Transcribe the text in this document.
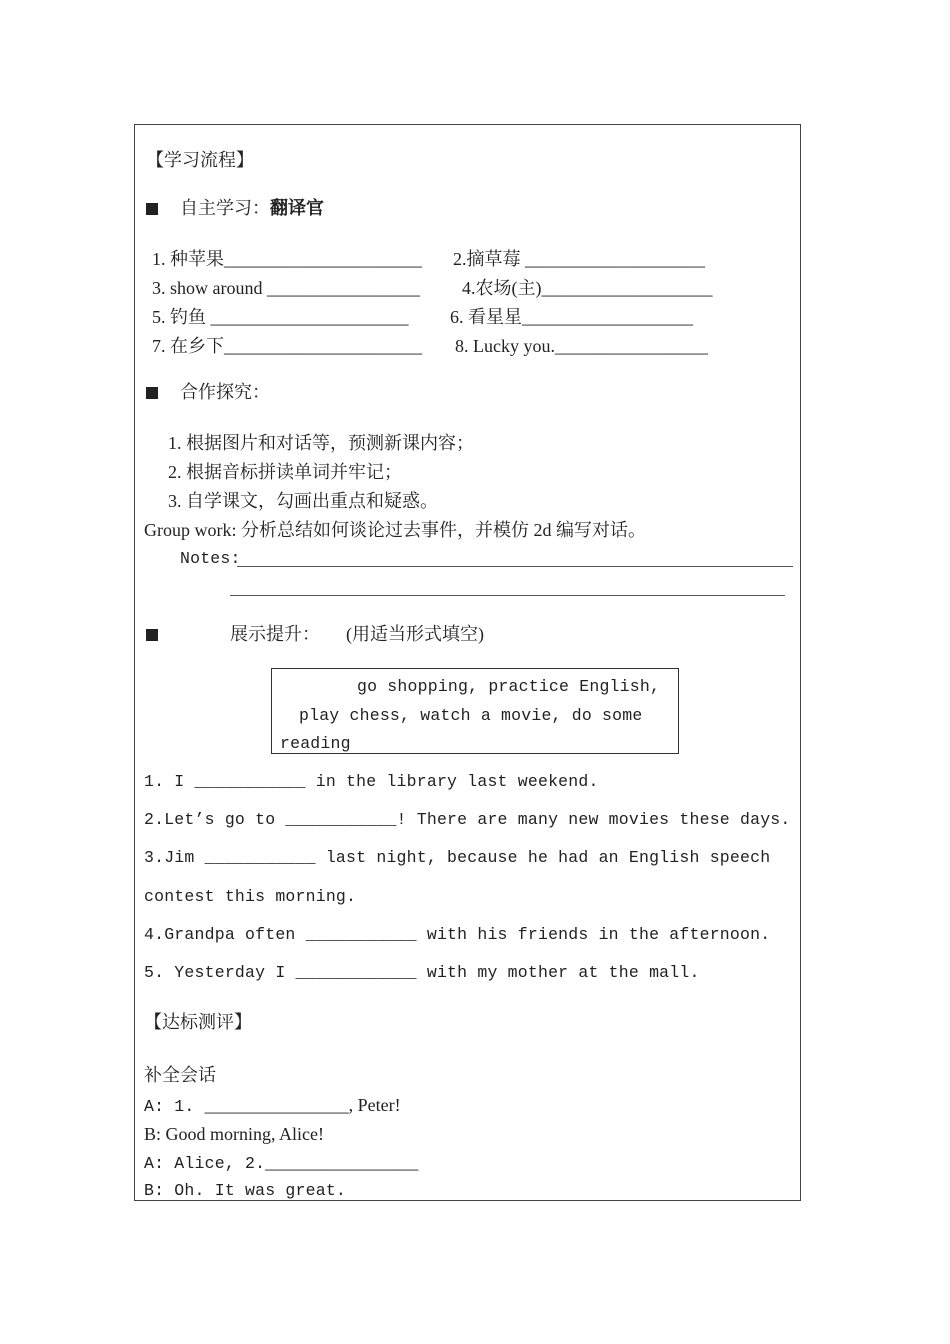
【学习流程】
自主学习：翻译官
1. 种苹果______________________ 2.摘草莓 ____________________
3. show around _________________ 4.农场(主)___________________
5. 钓鱼 ______________________ 6. 看星星___________________
7. 在乡下______________________ 8. Lucky you._________________
合作探究：
1. 根据图片和对话等，预测新课内容；
2. 根据音标拼读单词并牢记；
3. 自学课文，勾画出重点和疑惑。
Group work: 分析总结如何谈论过去事件，并模仿 2d 编写对话。
Notes:
展示提升： (用适当形式填空)
go shopping, practice English,
play chess, watch a movie, do some
reading
1. I ___________ in the library last weekend.
2.Let’s go to ___________! There are many new movies these days.
3.Jim ___________ last night, because he had an English speech
contest this morning.
4.Grandpa often ___________ with his friends in the afternoon.
5. Yesterday I ____________ with my mother at the mall.
【达标测评】
补全会话
A: 1. ________________, Peter!
B: Good morning, Alice!
A: Alice, 2._________________
B: Oh. It was great.
